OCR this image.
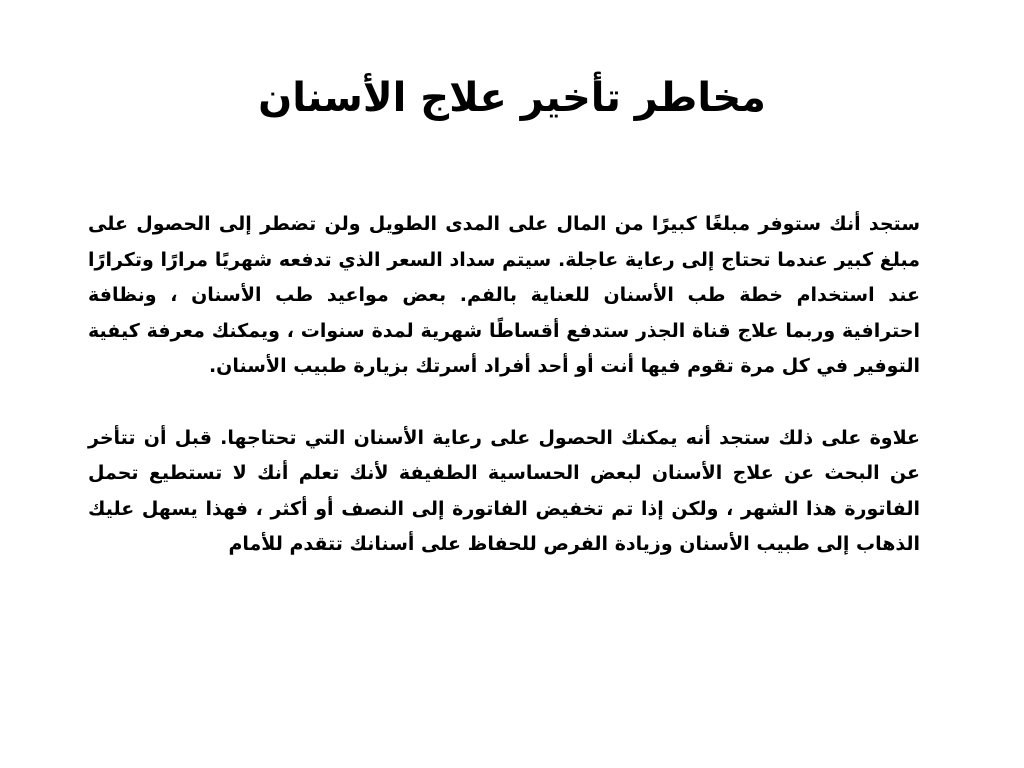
مخاطر تأخير علاج الأسنان

ستجد أنك ستوفر مبلغًا كبيرًا من المال على المدى الطويل ولن تضطر إلى الحصول على مبلغ كبير عندما تحتاج إلى رعاية عاجلة. سيتم سداد السعر الذي تدفعه شهريًا مرارًا وتكرارًا عند استخدام خطة طب الأسنان للعناية بالفم. بعض مواعيد طب الأسنان ، ونظافة احترافية وربما علاج قناة الجذر ستدفع أقساطًا شهرية لمدة سنوات ، ويمكنك معرفة كيفية التوفير في كل مرة تقوم فيها أنت أو أحد أفراد أسرتك بزيارة طبيب الأسنان.

علاوة على ذلك ستجد أنه يمكنك الحصول على رعاية الأسنان التي تحتاجها. قبل أن تتأخر عن البحث عن علاج الأسنان لبعض الحساسية الطفيفة لأنك تعلم أنك لا تستطيع تحمل الفاتورة هذا الشهر ، ولكن إذا تم تخفيض الفاتورة إلى النصف أو أكثر ، فهذا يسهل عليك الذهاب إلى طبيب الأسنان وزيادة الفرص للحفاظ على أسنانك تتقدم للأمام
